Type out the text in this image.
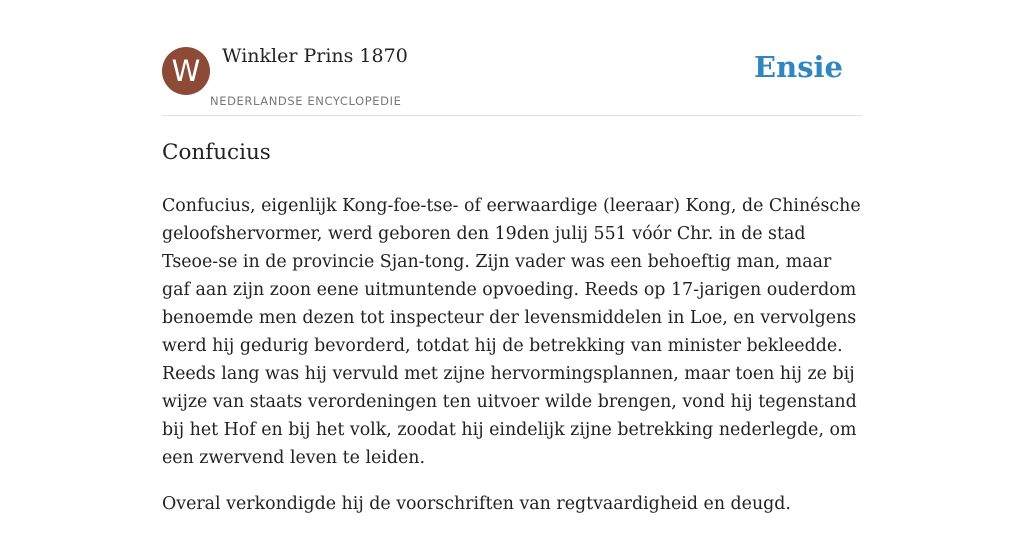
W	Winkler Prins 1870
NEDERLANDSE ENCYCLOPEDIE
Ensie
Confucius

Confucius, eigenlijk Kong-foe-tse- of eerwaardige (leeraar) Kong, de Chinésche geloofshervormer, werd geboren den 19den julij 551 vóór Chr. in de stad Tseoe-se in de provincie Sjan-tong. Zijn vader was een behoeftig man, maar gaf aan zijn zoon eene uitmuntende opvoeding. Reeds op 17-jarigen ouderdom benoemde men dezen tot inspecteur der levensmiddelen in Loe, en vervolgens werd hij gedurig bevorderd, totdat hij de betrekking van minister bekleedde. Reeds lang was hij vervuld met zijne hervormingsplannen, maar toen hij ze bij wijze van staats verordeningen ten uitvoer wilde brengen, vond hij tegenstand bij het Hof en bij het volk, zoodat hij eindelijk zijne betrekking nederlegde, om een zwervend leven te leiden.

Overal verkondigde hij de voorschriften van regtvaardigheid en deugd.
